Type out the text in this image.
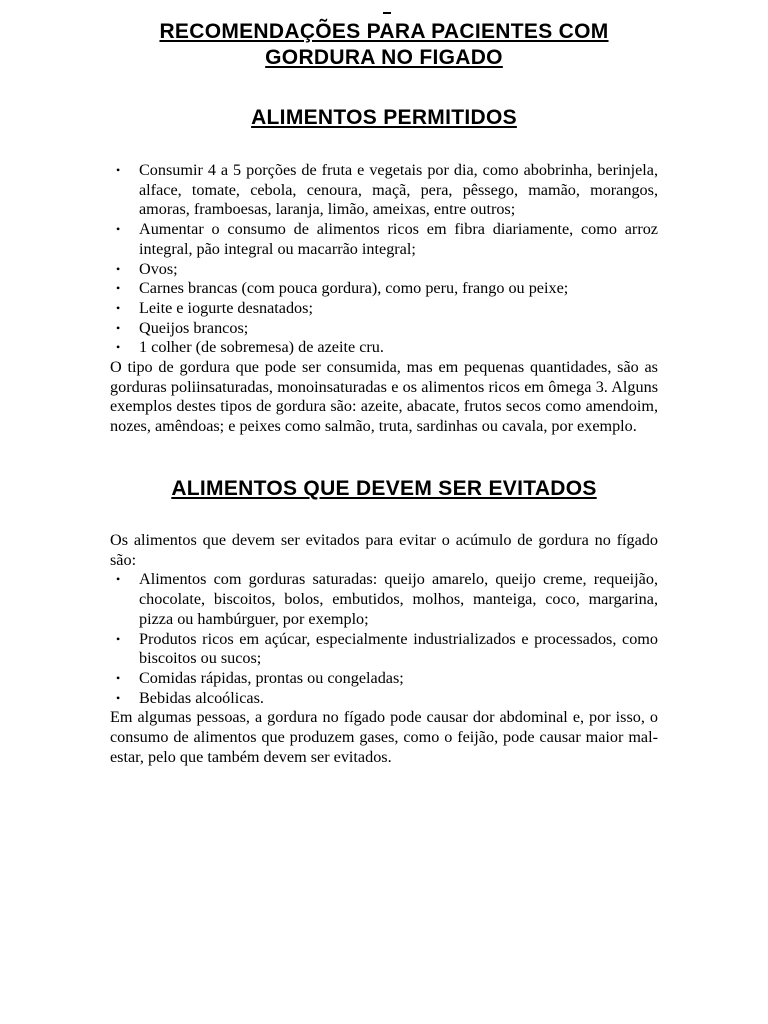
RECOMENDAÇÕES PARA PACIENTES COM

GORDURA NO FIGADO

ALIMENTOS PERMITIDOS
• Consumir 4 a 5 porções de fruta e vegetais por dia, como abobrinha, berinjela, alface, tomate, cebola, cenoura, maçã, pera, pêssego, mamão, morangos, amoras, framboesas, laranja, limão, ameixas, entre outros;
• Aumentar o consumo de alimentos ricos em fibra diariamente, como arroz integral, pão integral ou macarrão integral;
• Ovos;
• Carnes brancas (com pouca gordura), como peru, frango ou peixe;
• Leite e iogurte desnatados;
• Queijos brancos;
• 1 colher (de sobremesa) de azeite cru.

O tipo de gordura que pode ser consumida, mas em pequenas quantidades, são as gorduras poliinsaturadas, monoinsaturadas e os alimentos ricos em ômega 3. Alguns exemplos destes tipos de gordura são: azeite, abacate, frutos secos como amendoim, nozes, amêndoas; e peixes como salmão, truta, sardinhas ou cavala, por exemplo.

ALIMENTOS QUE DEVEM SER EVITADOS

Os alimentos que devem ser evitados para evitar o acúmulo de gordura no fígado são:

• Alimentos com gorduras saturadas: queijo amarelo, queijo creme, requeijão, chocolate, biscoitos, bolos, embutidos, molhos, manteiga, coco, margarina, pizza ou hambúrguer, por exemplo;
• Produtos ricos em açúcar, especialmente industrializados e processados, como biscoitos ou sucos;
• Comidas rápidas, prontas ou congeladas;
• Bebidas alcoólicas.

Em algumas pessoas, a gordura no fígado pode causar dor abdominal e, por isso, o consumo de alimentos que produzem gases, como o feijão, pode causar maior mal-estar, pelo que também devem ser evitados.
